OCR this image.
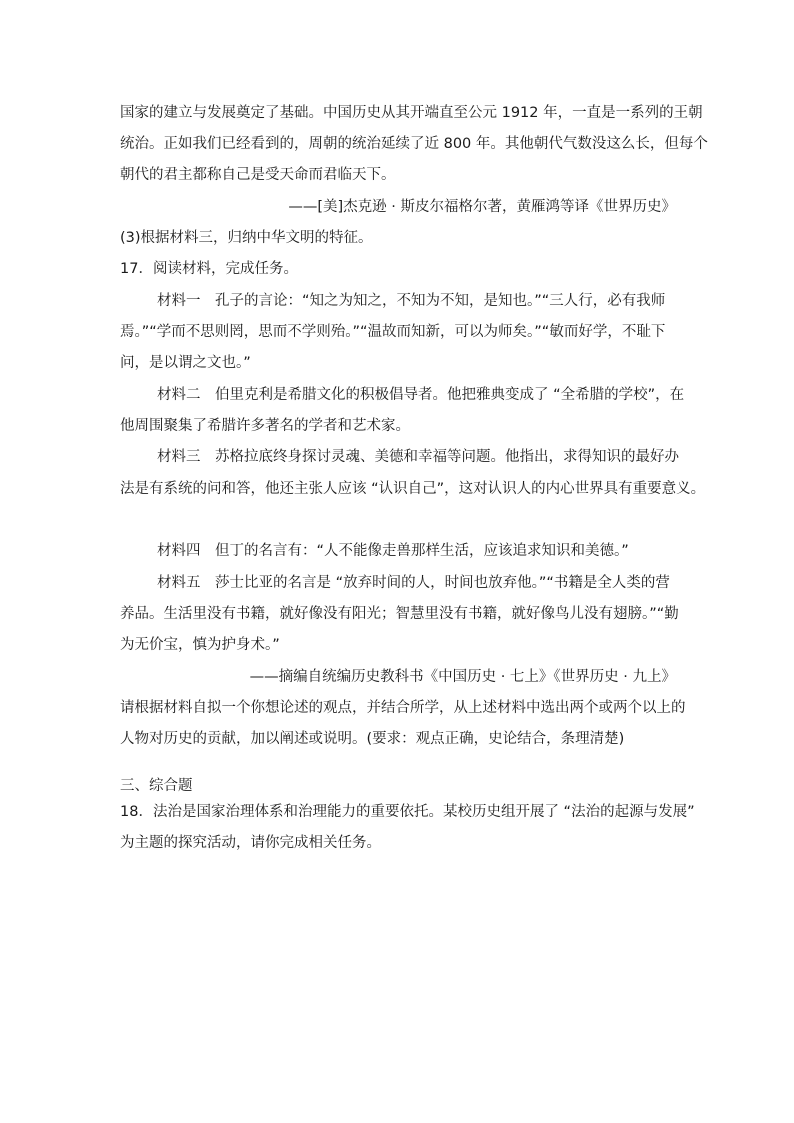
国家的建立与发展奠定了基础。中国历史从其开端直至公元 1912 年，一直是一系列的王朝
统治。正如我们已经看到的，周朝的统治延续了近 800 年。其他朝代气数没这么长，但每个
朝代的君主都称自己是受天命而君临天下。
——[美]杰克逊 · 斯皮尔福格尔著，黄雁鸿等译《世界历史》
(3)根据材料三，归纳中华文明的特征。
17．阅读材料，完成任务。
材料一　孔子的言论：“知之为知之，不知为不知，是知也。”“三人行，必有我师
焉。”“学而不思则罔，思而不学则殆。”“温故而知新，可以为师矣。”“敏而好学，不耻下
问，是以谓之文也。”
材料二　伯里克利是希腊文化的积极倡导者。他把雅典变成了 “全希腊的学校”，在
他周围聚集了希腊许多著名的学者和艺术家。
材料三　苏格拉底终身探讨灵魂、美德和幸福等问题。他指出，求得知识的最好办
法是有系统的问和答，他还主张人应该 “认识自己”，这对认识人的内心世界具有重要意义。
材料四　但丁的名言有：“人不能像走兽那样生活，应该追求知识和美德。”
材料五　莎士比亚的名言是 “放弃时间的人，时间也放弃他。”“书籍是全人类的营
养品。生活里没有书籍，就好像没有阳光；智慧里没有书籍，就好像鸟儿没有翅膀。”“勤
为无价宝，慎为护身术。”
——摘编自统编历史教科书《中国历史 · 七上》《世界历史 · 九上》
请根据材料自拟一个你想论述的观点，并结合所学，从上述材料中选出两个或两个以上的
人物对历史的贡献，加以阐述或说明。(要求：观点正确，史论结合，条理清楚)
三、综合题
18．法治是国家治理体系和治理能力的重要依托。某校历史组开展了 “法治的起源与发展”
为主题的探究活动，请你完成相关任务。
